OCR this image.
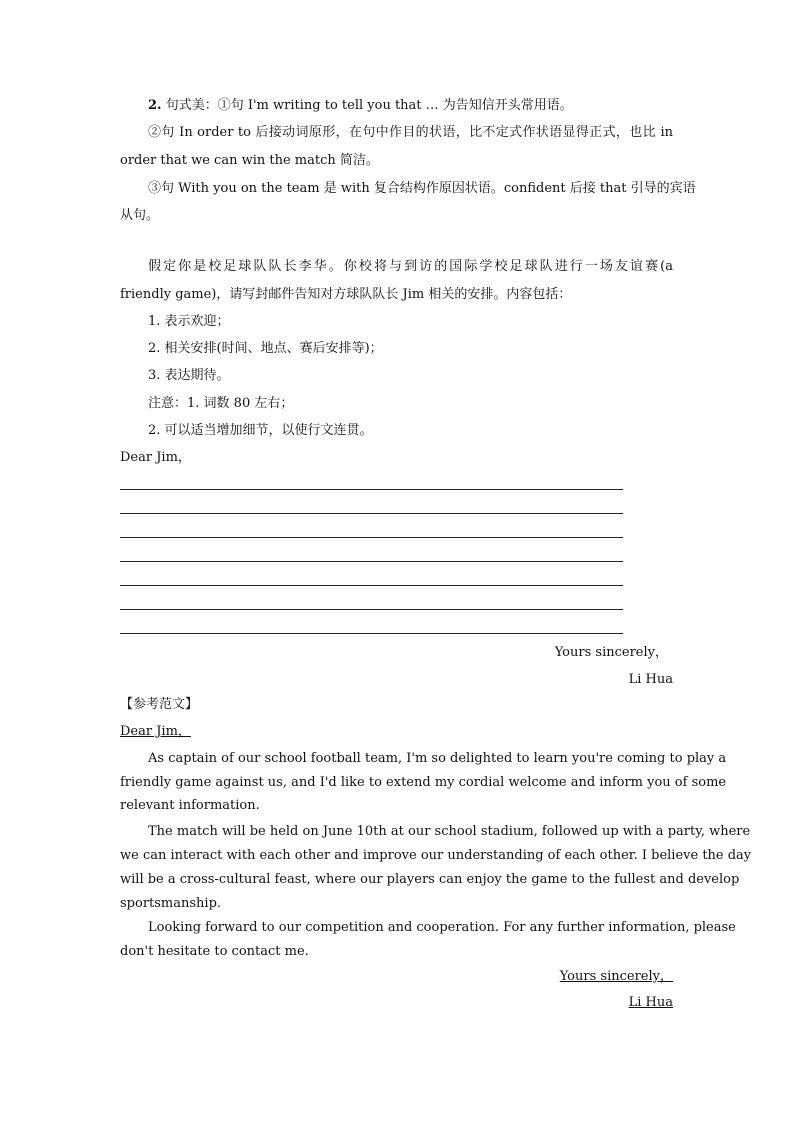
2. 句式美：①句 I'm writing to tell you that … 为告知信开头常用语。
②句 In order to 后接动词原形，在句中作目的状语，比不定式作状语显得正式，也比 in
order that we can win the match 简洁。
③句 With you on the team 是 with 复合结构作原因状语。confident 后接 that 引导的宾语
从句。
假定你是校足球队队长李华。你校将与到访的国际学校足球队进行一场友谊赛(a
friendly game)，请写封邮件告知对方球队队长 Jim 相关的安排。内容包括：
1. 表示欢迎；
2. 相关安排(时间、地点、赛后安排等)；
3. 表达期待。
注意：1. 词数 80 左右；
2. 可以适当增加细节，以使行文连贯。
Dear Jim，
Yours sincerely，
Li Hua
【参考范文】
Dear Jim，
As captain of our school football team, I'm so delighted to learn you're coming to play a
friendly game against us, and I'd like to extend my cordial welcome and inform you of some
relevant information.
The match will be held on June 10th at our school stadium, followed up with a party, where
we can interact with each other and improve our understanding of each other. I believe the day
will be a cross-cultural feast, where our players can enjoy the game to the fullest and develop
sportsmanship.
Looking forward to our competition and cooperation. For any further information, please
don't hesitate to contact me.
Yours sincerely，
Li Hua
